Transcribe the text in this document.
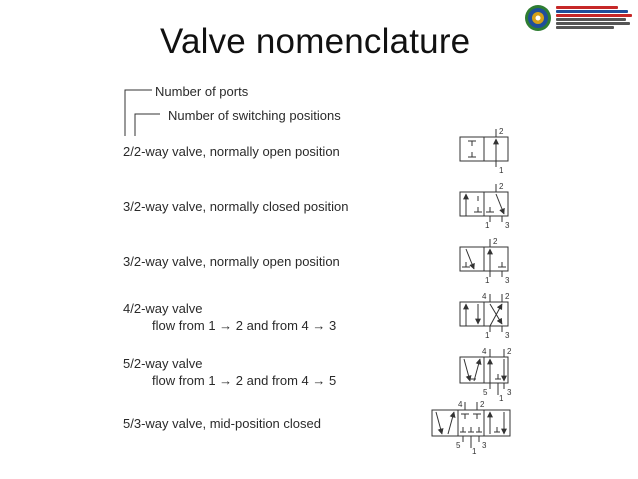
Valve nomenclature
Number of ports
Number of switching positions
2/2-way valve, normally open position
3/2-way valve, normally closed position
3/2-way valve, normally open position
4/2-way valve
flow from 1 → 2 and from 4 → 3
5/2-way valve
flow from 1 → 2 and from 4 → 5
5/3-way valve, mid-position closed
2
1
2
1 3
2
1 3
4 2
1 3
4	2
5
1
3
4 2
5
1
3
